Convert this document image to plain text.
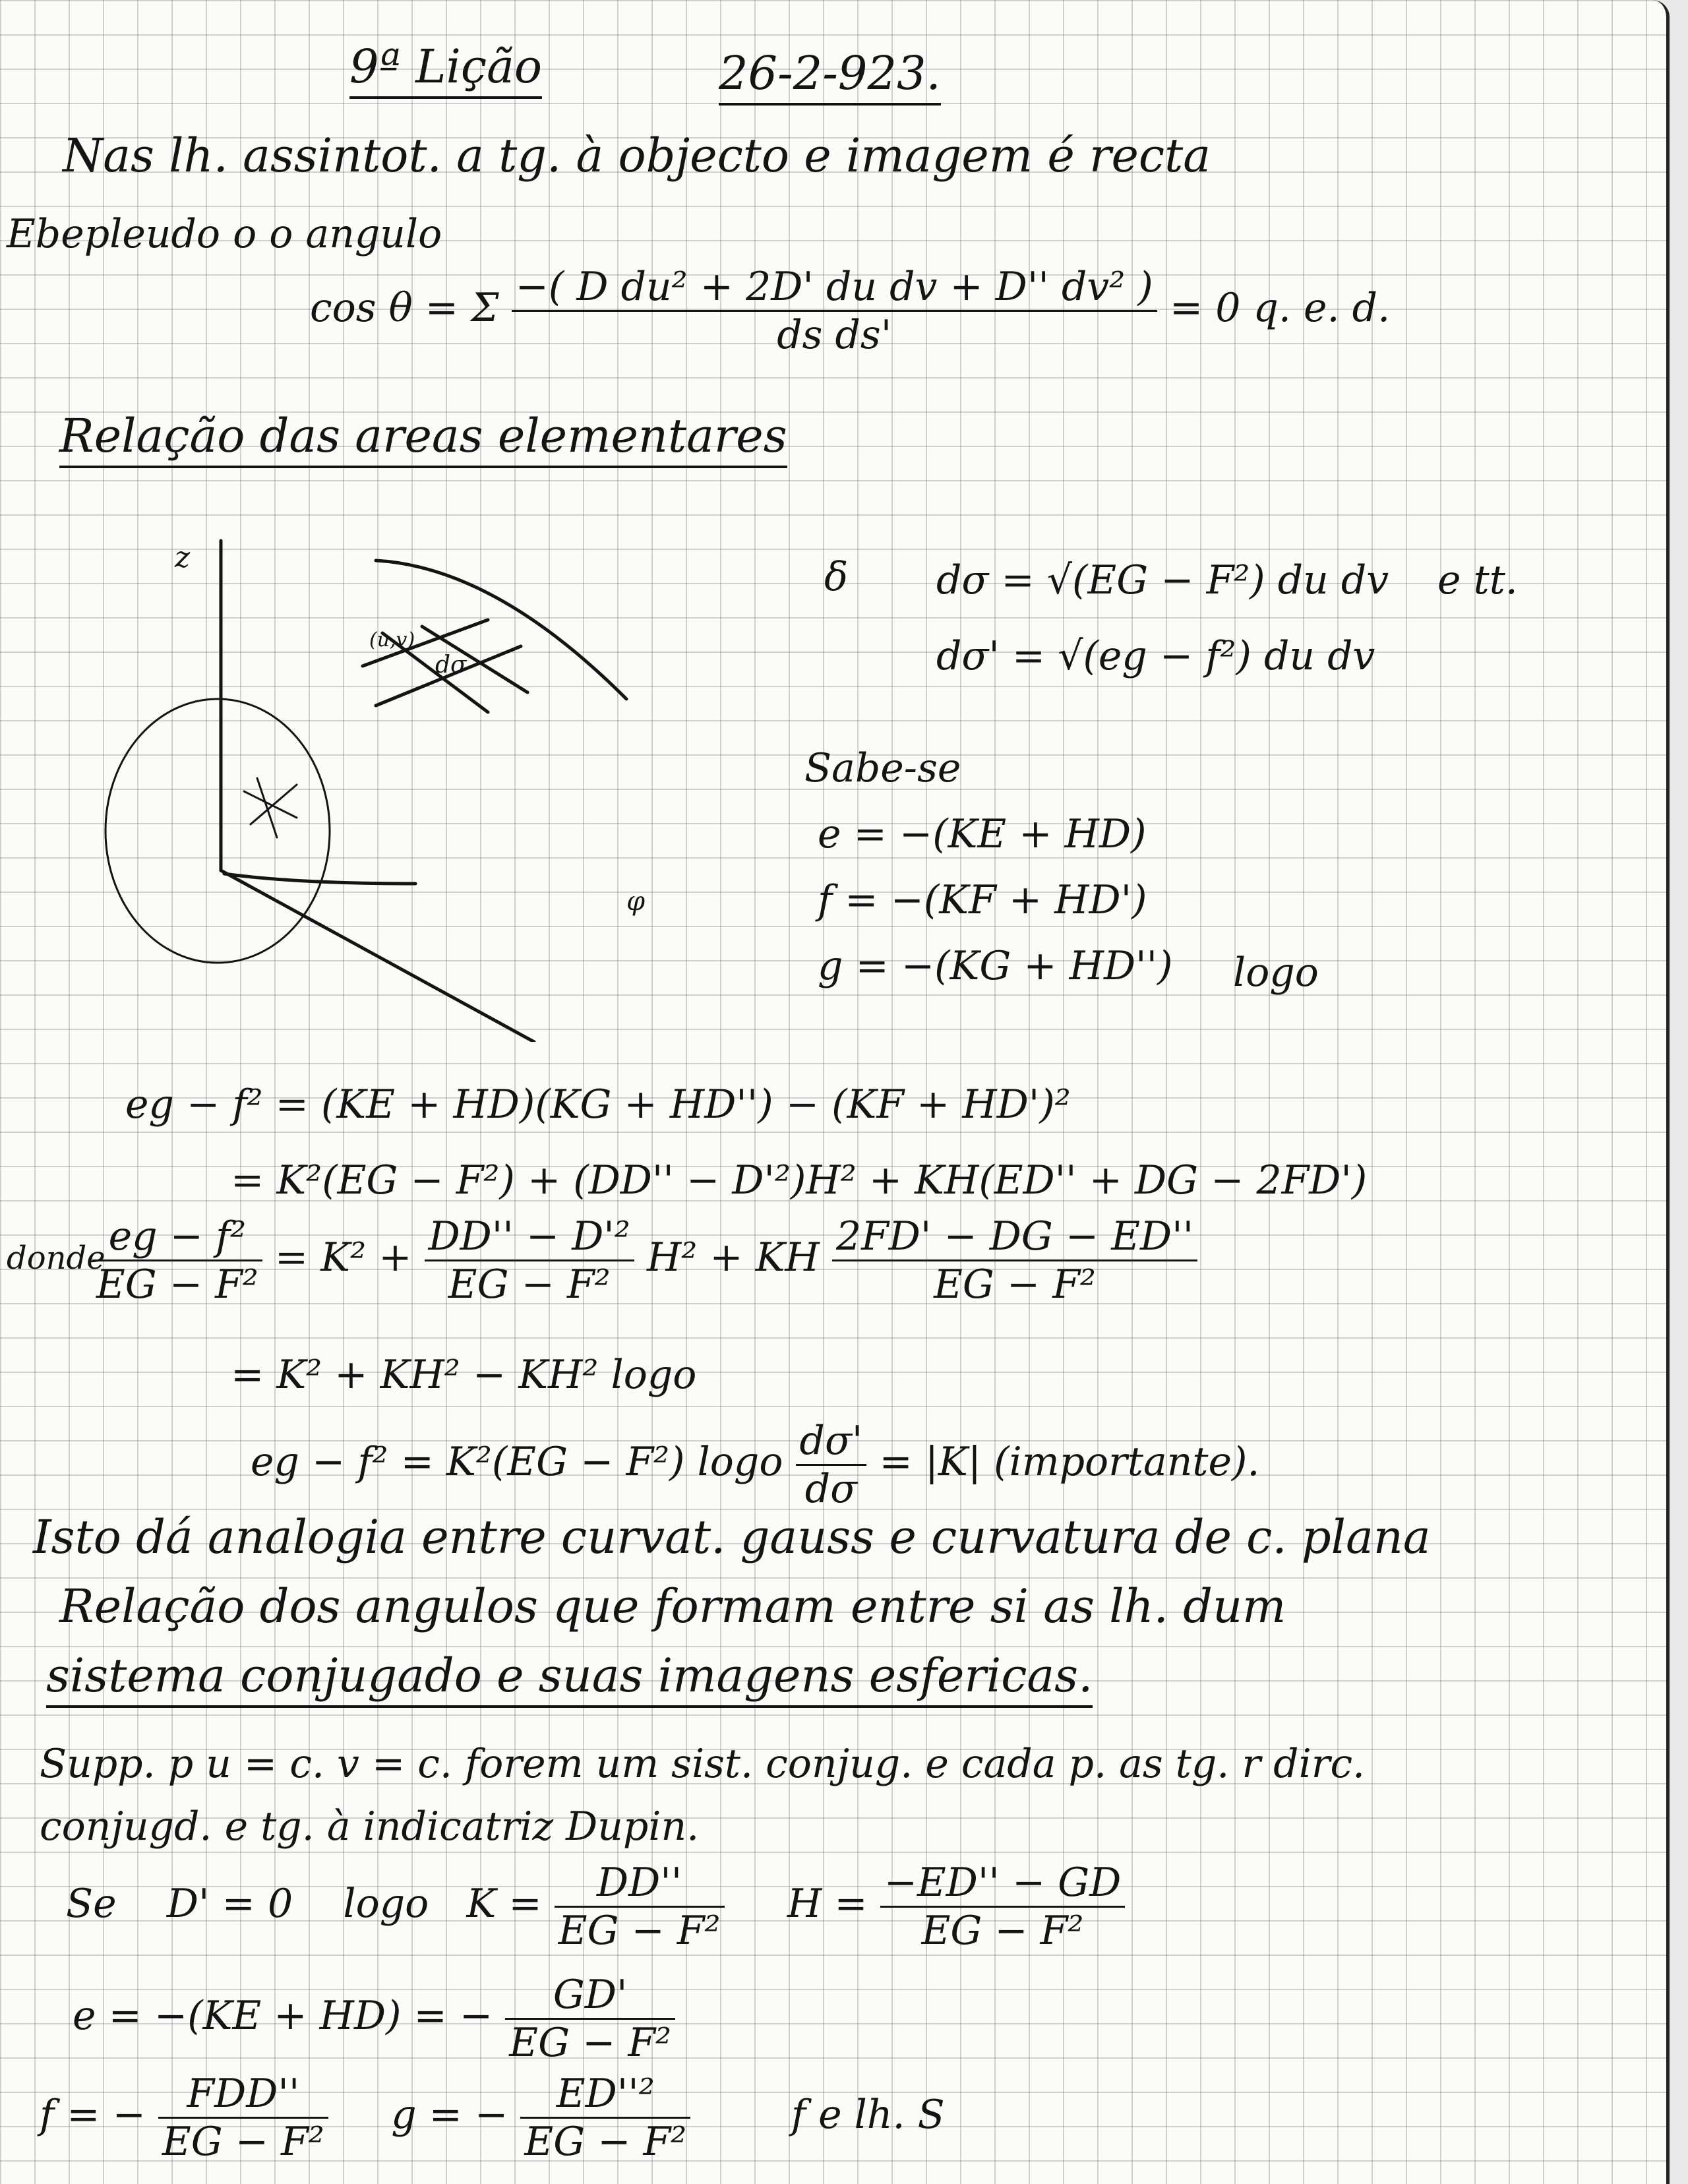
9ª Lição	26-2-923.
Nas lh. assintot. a tg. à objecto e imagem é recta
Ebepleudo o o angulo
cos θ = Σ $\frac{\text{−( D du² + 2D' du dv + D'' dv² )}}{\text{ds ds'}} = 0$ q. e. d.
Relação das areas elementares
z
φ
(u,v)
dσ
δ dσ = √(EG − F²) du dv e tt.
dσ' = √(eg − f²) du dv
Sabe-se
e = −(KE + HD)
f = −(KF + HD')
g = −(KG + HD'') logo
eg − f² = (KE + HD)(KG + HD'') − (KF + HD')²
= K²(EG − F²) + (DD'' − D'²)H² + KH(ED'' + DG − 2FD')
donde
$\frac{\text{eg − f²}}{\text{EG − F²}} = K^2 + \frac{\text{DD'' − D'²}}{\text{EG − F²}} H^2$ + KH $\frac{2FD' - DG - ED''}{\text{EG − F²}}$
= K² + KH² − KH² logo
eg − f² = K²(EG − F²) logo $\frac{d\sigma'}{d\sigma} = |K|$ (importante).
Isto dá analogia entre curvat. gauss e curvatura de c. plana
Relação dos angulos que formam entre si as lh. dum
sistema conjugado e suas imagens esfericas.
Supp. p u = c. v = c. forem um sist. conjug. e cada p. as tg. r dirc.
conjugd. e tg. à indicatriz Dupin.
Se D' = 0 logo $K = \frac{DD''}{\text{EG − F²}}$ $H = \frac{-ED'' - GD}{\text{EG − F²}}$
e = −(KE + HD) = − $\frac{GD'}{\text{EG − F²}}$
f = − $\frac{\text{FDD''}}{\text{EG − F²}}$ g = − $\frac{\text{ED''²}}{\text{EG − F²}}$	f e lh. S
